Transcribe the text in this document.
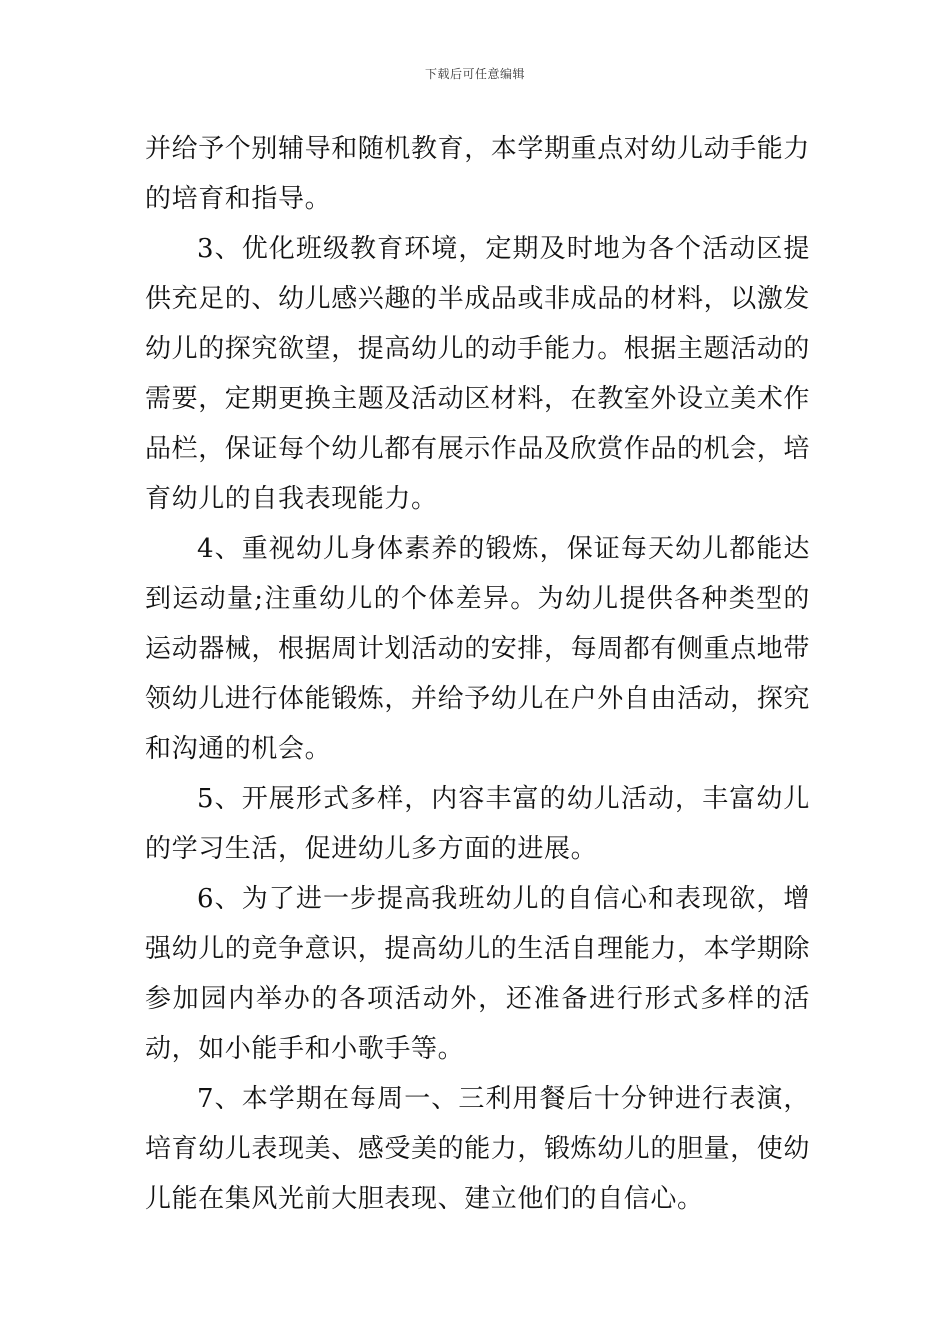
下载后可任意编辑

并给予个别辅导和随机教育，本学期重点对幼儿动手能力的培育和指导。

3、优化班级教育环境，定期及时地为各个活动区提供充足的、幼儿感兴趣的半成品或非成品的材料，以激发幼儿的探究欲望，提高幼儿的动手能力。根据主题活动的需要，定期更换主题及活动区材料，在教室外设立美术作品栏，保证每个幼儿都有展示作品及欣赏作品的机会，培育幼儿的自我表现能力。

4、重视幼儿身体素养的锻炼，保证每天幼儿都能达到运动量;注重幼儿的个体差异。为幼儿提供各种类型的运动器械，根据周计划活动的安排，每周都有侧重点地带领幼儿进行体能锻炼，并给予幼儿在户外自由活动，探究和沟通的机会。

5、开展形式多样，内容丰富的幼儿活动，丰富幼儿的学习生活，促进幼儿多方面的进展。

6、为了进一步提高我班幼儿的自信心和表现欲，增强幼儿的竞争意识，提高幼儿的生活自理能力，本学期除参加园内举办的各项活动外，还准备进行形式多样的活动，如小能手和小歌手等。

7、本学期在每周一、三利用餐后十分钟进行表演，培育幼儿表现美、感受美的能力，锻炼幼儿的胆量，使幼儿能在集风光前大胆表现、建立他们的自信心。
